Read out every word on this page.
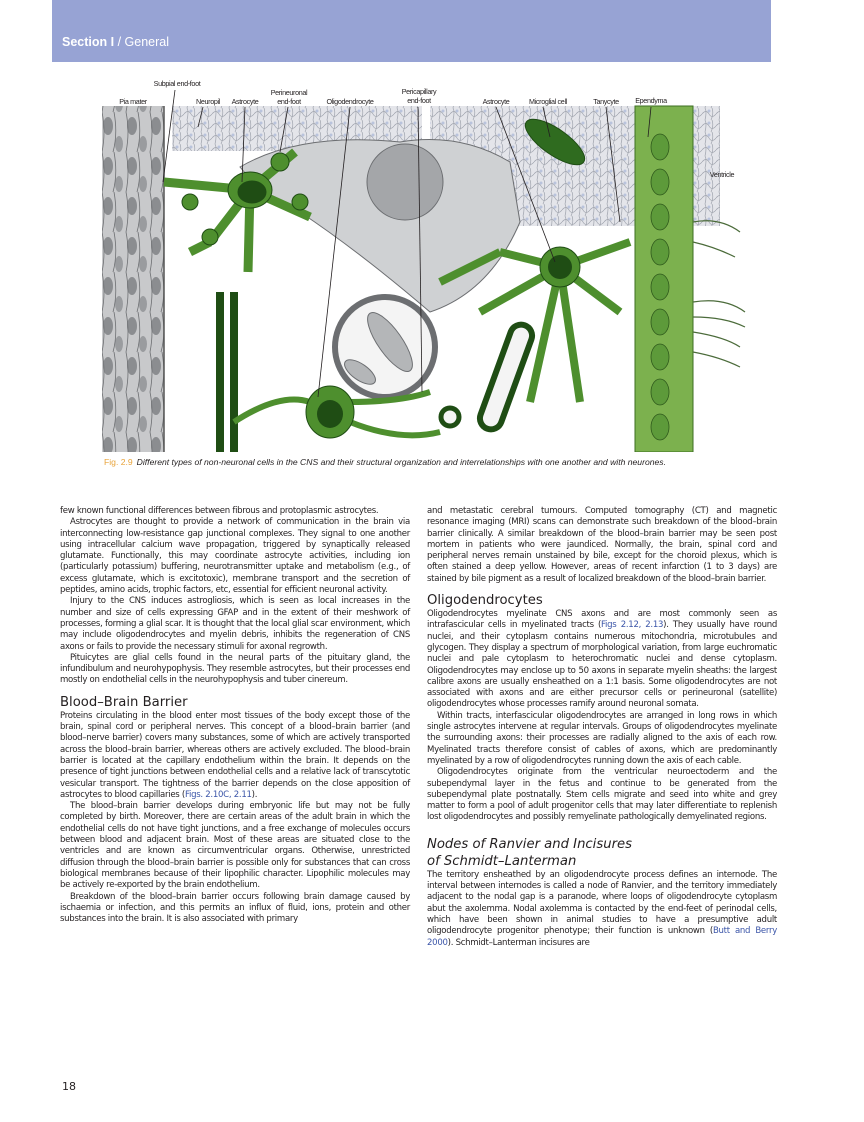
Section I / General
Pia mater
Subpial end-foot
Neuropil	Astrocyte
Perineuronal
end-foot	Oligodendrocyte
Pericapillary
end-foot	Astrocyte	Microglial cell	Tanycyte	Ependyma
Ventricle
Fig. 2.9 Different types of non-neuronal cells in the CNS and their structural organization and interrelationships with one another and with neurones.

few known functional differences between fibrous and protoplasmic astrocytes.

Astrocytes are thought to provide a network of communication in the brain via interconnecting low-resistance gap junctional complexes. They signal to one another using intracellular calcium wave propagation, triggered by synaptically released glutamate. Functionally, this may coordinate astrocyte activities, including ion (particularly potassium) buffering, neurotransmitter uptake and metabolism (e.g., of excess glutamate, which is excitotoxic), membrane transport and the secretion of peptides, amino acids, trophic factors, etc, essential for efficient neuronal activity.

Injury to the CNS induces astrogliosis, which is seen as local increases in the number and size of cells expressing GFAP and in the extent of their meshwork of processes, forming a glial scar. It is thought that the local glial scar environment, which may include oligodendrocytes and myelin debris, inhibits the regeneration of CNS axons or fails to provide the necessary stimuli for axonal regrowth.

Pituicytes are glial cells found in the neural parts of the pituitary gland, the infundibulum and neurohypophysis. They resemble astrocytes, but their processes end mostly on endothelial cells in the neurohypophysis and tuber cinereum.

Blood–Brain Barrier

Proteins circulating in the blood enter most tissues of the body except those of the brain, spinal cord or peripheral nerves. This concept of a blood–brain barrier (and blood–nerve barrier) covers many substances, some of which are actively transported across the blood–brain barrier, whereas others are actively excluded. The blood–brain barrier is located at the capillary endothelium within the brain. It depends on the presence of tight junctions between endothelial cells and a relative lack of transcytotic vesicular transport. The tightness of the barrier depends on the close apposition of astrocytes to blood capillaries (Figs. 2.10C, 2.11).

The blood–brain barrier develops during embryonic life but may not be fully completed by birth. Moreover, there are certain areas of the adult brain in which the endothelial cells do not have tight junctions, and a free exchange of molecules occurs between blood and adjacent brain. Most of these areas are situated close to the ventricles and are known as circumventricular organs. Otherwise, unrestricted diffusion through the blood–brain barrier is possible only for substances that can cross biological membranes because of their lipophilic character. Lipophilic molecules may be actively re-exported by the brain endothelium.

Breakdown of the blood–brain barrier occurs following brain damage caused by ischaemia or infection, and this permits an influx of fluid, ions, protein and other substances into the brain. It is also associated with primary

and metastatic cerebral tumours. Computed tomography (CT) and magnetic resonance imaging (MRI) scans can demonstrate such breakdown of the blood–brain barrier clinically. A similar breakdown of the blood–brain barrier may be seen post mortem in patients who were jaundiced. Normally, the brain, spinal cord and peripheral nerves remain unstained by bile, except for the choroid plexus, which is often stained a deep yellow. However, areas of recent infarction (1 to 3 days) are stained by bile pigment as a result of localized breakdown of the blood–brain barrier.

Oligodendrocytes

Oligodendrocytes myelinate CNS axons and are most commonly seen as intrafascicular cells in myelinated tracts (Figs 2.12, 2.13). They usually have round nuclei, and their cytoplasm contains numerous mitochondria, microtubules and glycogen. They display a spectrum of morphological variation, from large euchromatic nuclei and pale cytoplasm to heterochromatic nuclei and dense cytoplasm. Oligodendrocytes may enclose up to 50 axons in separate myelin sheaths: the largest calibre axons are usually ensheathed on a 1:1 basis. Some oligodendrocytes are not associated with axons and are either precursor cells or perineuronal (satellite) oligodendrocytes whose processes ramify around neuronal somata.

Within tracts, interfascicular oligodendrocytes are arranged in long rows in which single astrocytes intervene at regular intervals. Groups of oligodendrocytes myelinate the surrounding axons: their processes are radially aligned to the axis of each row. Myelinated tracts therefore consist of cables of axons, which are predominantly myelinated by a row of oligodendrocytes running down the axis of each cable.

Oligodendrocytes originate from the ventricular neuroectoderm and the subependymal layer in the fetus and continue to be generated from the subependymal plate postnatally. Stem cells migrate and seed into white and grey matter to form a pool of adult progenitor cells that may later differentiate to replenish lost oligodendrocytes and possibly remyelinate pathologically demyelinated regions.

Nodes of Ranvier and Incisures
of Schmidt–Lanterman

The territory ensheathed by an oligodendrocyte process defines an internode. The interval between internodes is called a node of Ranvier, and the territory immediately adjacent to the nodal gap is a paranode, where loops of oligodendrocyte cytoplasm abut the axolemma. Nodal axolemma is contacted by the end-feet of perinodal cells, which have been shown in animal studies to have a presumptive adult oligodendrocyte progenitor phenotype; their function is unknown (Butt and Berry 2000). Schmidt–Lanterman incisures are

18
